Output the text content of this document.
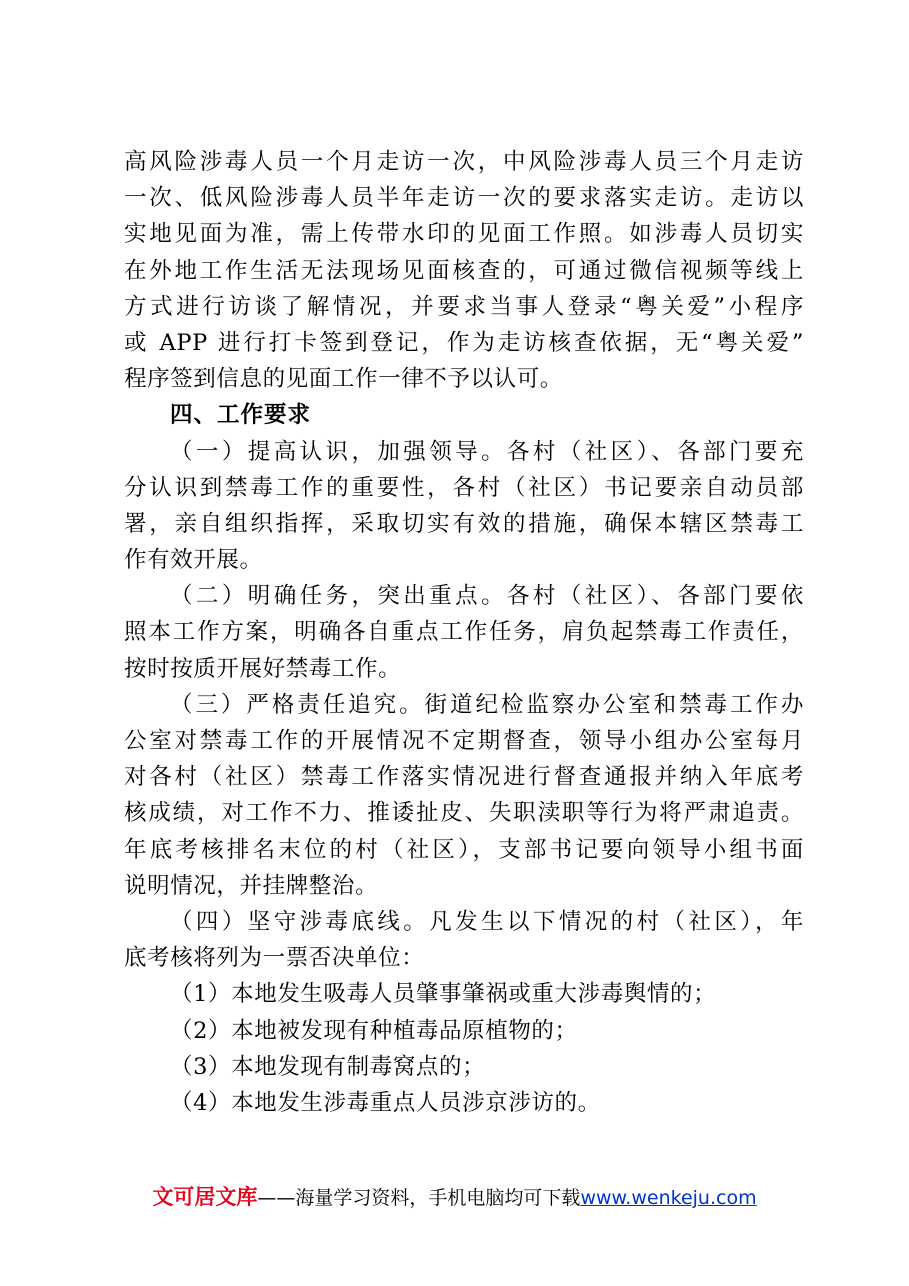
高风险涉毒人员一个月走访一次，中风险涉毒人员三个月走访
一次、低风险涉毒人员半年走访一次的要求落实走访。走访以
实地见面为准，需上传带水印的见面工作照。如涉毒人员切实
在外地工作生活无法现场见面核查的，可通过微信视频等线上
方式进行访谈了解情况，并要求当事人登录“粤关爱”小程序
或 APP 进行打卡签到登记，作为走访核查依据，无“粤关爱”
程序签到信息的见面工作一律不予以认可。
四、工作要求
（一）提高认识，加强领导。各村（社区）、各部门要充
分认识到禁毒工作的重要性，各村（社区）书记要亲自动员部
署，亲自组织指挥，采取切实有效的措施，确保本辖区禁毒工
作有效开展。
（二）明确任务，突出重点。各村（社区）、各部门要依
照本工作方案，明确各自重点工作任务，肩负起禁毒工作责任，
按时按质开展好禁毒工作。
（三）严格责任追究。街道纪检监察办公室和禁毒工作办
公室对禁毒工作的开展情况不定期督查，领导小组办公室每月
对各村（社区）禁毒工作落实情况进行督查通报并纳入年底考
核成绩，对工作不力、推诿扯皮、失职渎职等行为将严肃追责。
年底考核排名末位的村（社区），支部书记要向领导小组书面
说明情况，并挂牌整治。
（四）坚守涉毒底线。凡发生以下情况的村（社区），年
底考核将列为一票否决单位：
（1）本地发生吸毒人员肇事肇祸或重大涉毒舆情的；
（2）本地被发现有种植毒品原植物的；
（3）本地发现有制毒窝点的；
（4）本地发生涉毒重点人员涉京涉访的。
文可居文库——海量学习资料，手机电脑均可下载www.wenkeju.com
